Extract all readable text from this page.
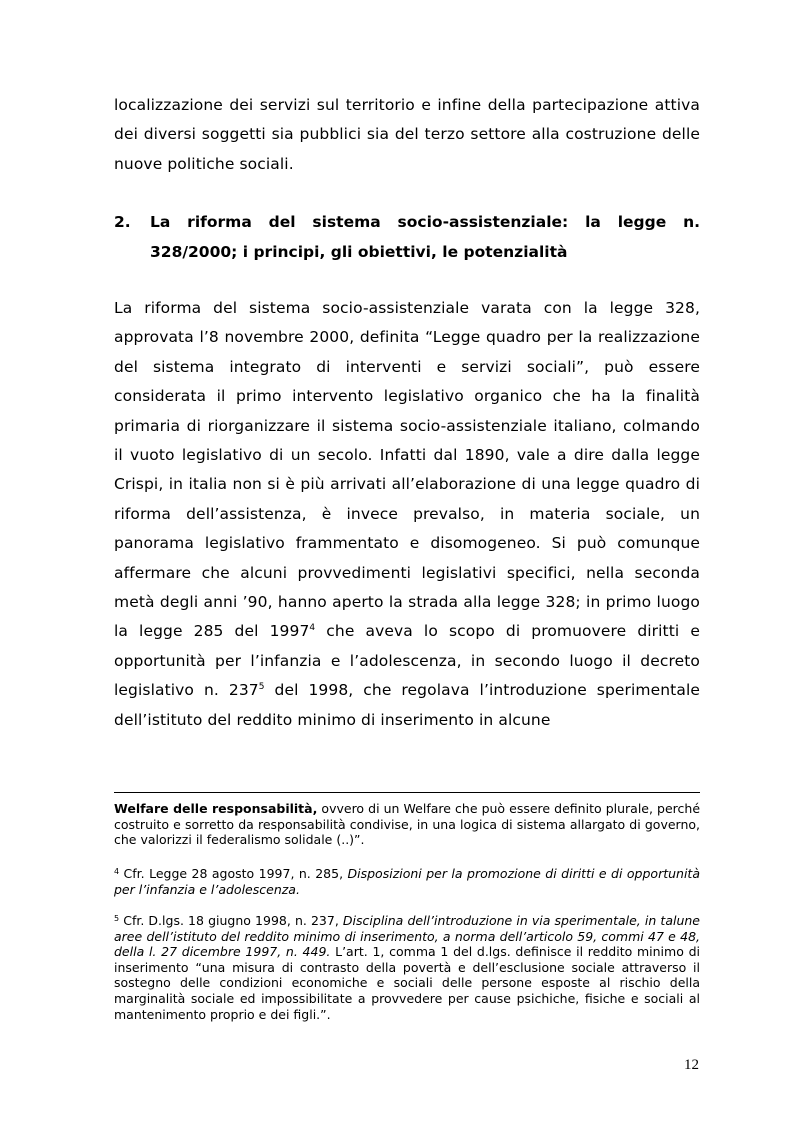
localizzazione dei servizi sul territorio e infine della partecipazione attiva dei diversi soggetti sia pubblici sia del terzo settore alla costruzione delle nuove politiche sociali.

2. La riforma del sistema socio-assistenziale: la legge n. 328/2000; i principi, gli obiettivi, le potenzialità

La riforma del sistema socio-assistenziale varata con la legge 328, approvata l’8 novembre 2000, definita “Legge quadro per la realizzazione del sistema integrato di interventi e servizi sociali”, può essere considerata il primo intervento legislativo organico che ha la finalità primaria di riorganizzare il sistema socio-assistenziale italiano, colmando il vuoto legislativo di un secolo. Infatti dal 1890, vale a dire dalla legge Crispi, in italia non si è più arrivati all’elaborazione di una legge quadro di riforma dell’assistenza, è invece prevalso, in materia sociale, un panorama legislativo frammentato e disomogeneo. Si può comunque affermare che alcuni provvedimenti legislativi specifici, nella seconda metà degli anni ’90, hanno aperto la strada alla legge 328; in primo luogo la legge 285 del 1997$^4$ che aveva lo scopo di promuovere diritti e opportunità per l’infanzia e l’adolescenza, in secondo luogo il decreto legislativo n. $237^5$ del 1998, che regolava l’introduzione sperimentale dell’istituto del reddito minimo di inserimento in alcune

Welfare delle responsabilità, ovvero di un Welfare che può essere definito plurale, perché costruito e sorretto da responsabilità condivise, in una logica di sistema allargato di governo, che valorizzi il federalismo solidale (..)”.

$^4$ Cfr. Legge 28 agosto 1997, n. 285, Disposizioni per la promozione di diritti e di opportunità per l’infanzia e l’adolescenza.

$^5$ Cfr. D.lgs. 18 giugno 1998, n. 237, Disciplina dell’introduzione in via sperimentale, in talune aree dell’istituto del reddito minimo di inserimento, a norma dell’articolo 59, commi 47 e 48, della l. 27 dicembre 1997, n. 449. L’art. 1, comma 1 del d.lgs. definisce il reddito minimo di inserimento “una misura di contrasto della povertà e dell’esclusione sociale attraverso il sostegno delle condizioni economiche e sociali delle persone esposte al rischio della marginalità sociale ed impossibilitate a provvedere per cause psichiche, fisiche e sociali al mantenimento proprio e dei figli.”.

12
